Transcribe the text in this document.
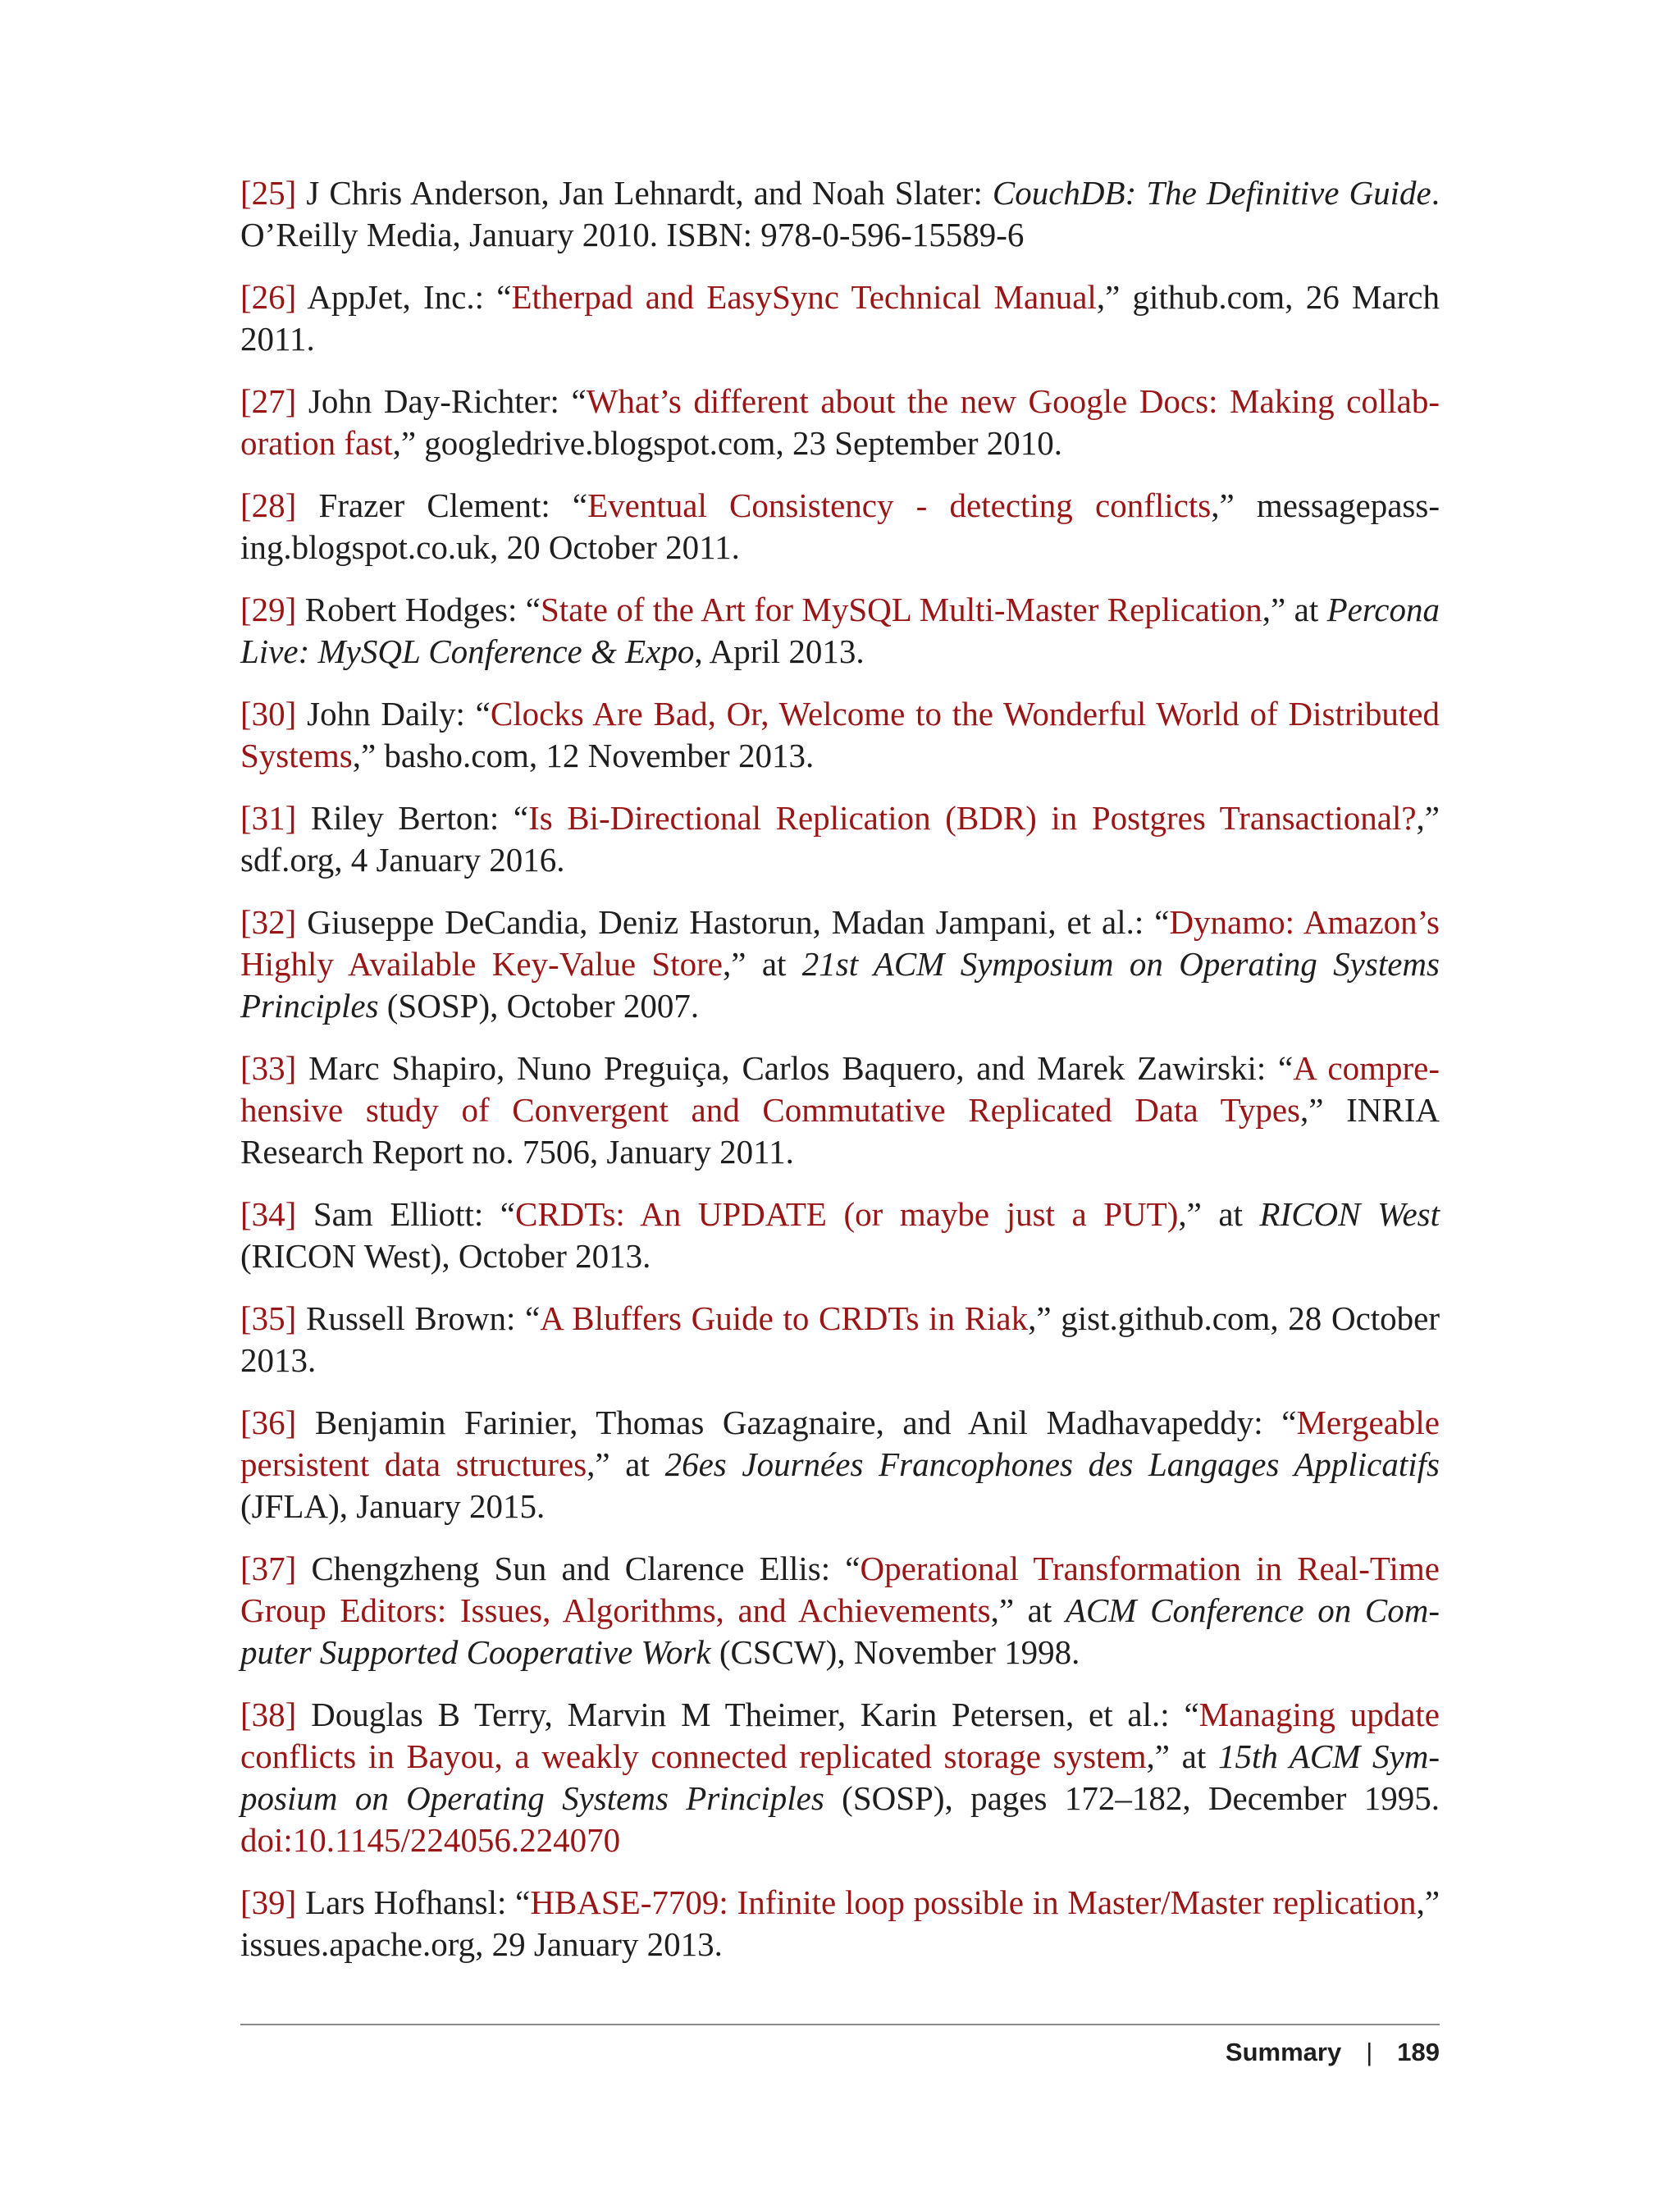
[25] J Chris Anderson, Jan Lehnardt, and Noah Slater: CouchDB: The Definitive Guide. O’Reilly Media, January 2010. ISBN: 978-0-596-15589-6
[26] AppJet, Inc.: “Etherpad and EasySync Technical Manual,” github.com, 26 March 2011.
[27] John Day-Richter: “What’s different about the new Google Docs: Making collaboration fast,” googledrive.blogspot.com, 23 September 2010.
[28] Frazer Clement: “Eventual Consistency - detecting conflicts,” messagepassing.blogspot.co.uk, 20 October 2011.
[29] Robert Hodges: “State of the Art for MySQL Multi-Master Replication,” at Percona Live: MySQL Conference & Expo, April 2013.
[30] John Daily: “Clocks Are Bad, Or, Welcome to the Wonderful World of Distributed Systems,” basho.com, 12 November 2013.
[31] Riley Berton: “Is Bi-Directional Replication (BDR) in Postgres Transactional?,” sdf.org, 4 January 2016.
[32] Giuseppe DeCandia, Deniz Hastorun, Madan Jampani, et al.: “Dynamo: Amazon’s Highly Available Key-Value Store,” at 21st ACM Symposium on Operating Systems Principles (SOSP), October 2007.
[33] Marc Shapiro, Nuno Preguiça, Carlos Baquero, and Marek Zawirski: “A comprehensive study of Convergent and Commutative Replicated Data Types,” INRIA Research Report no. 7506, January 2011.
[34] Sam Elliott: “CRDTs: An UPDATE (or maybe just a PUT),” at RICON West (RICON West), October 2013.
[35] Russell Brown: “A Bluffers Guide to CRDTs in Riak,” gist.github.com, 28 October 2013.
[36] Benjamin Farinier, Thomas Gazagnaire, and Anil Madhavapeddy: “Mergeable persistent data structures,” at 26es Journées Francophones des Langages Applicatifs (JFLA), January 2015.
[37] Chengzheng Sun and Clarence Ellis: “Operational Transformation in Real-Time Group Editors: Issues, Algorithms, and Achievements,” at ACM Conference on Computer Supported Cooperative Work (CSCW), November 1998.
[38] Douglas B Terry, Marvin M Theimer, Karin Petersen, et al.: “Managing update conflicts in Bayou, a weakly connected replicated storage system,” at 15th ACM Symposium on Operating Systems Principles (SOSP), pages 172–182, December 1995. doi:10.1145/224056.224070
[39] Lars Hofhansl: “HBASE-7709: Infinite loop possible in Master/Master replication,” issues.apache.org, 29 January 2013.
Summary | 189
